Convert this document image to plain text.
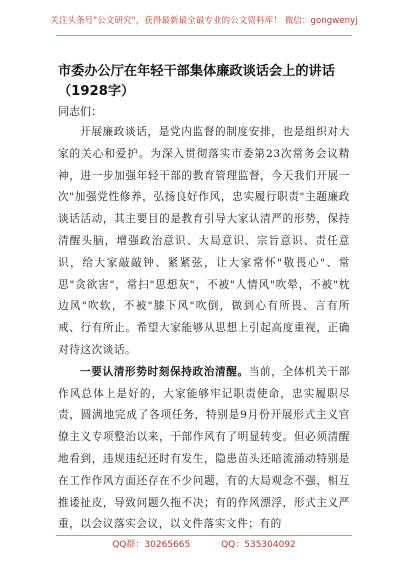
关注头条号"公文研究"，获得最新最全最专业的公文资料库！ 微信：gongwenyj
市委办公厅在年轻干部集体廉政谈话会上的讲话（1928字）
同志们：

开展廉政谈话，是党内监督的制度安排，也是组织对大家的关心和爱护。为深入贯彻落实市委第23次常务会议精神，进一步加强年轻干部的教育管理监督，今天我们开展一次"加强党性修养，弘扬良好作风，忠实履行职责"主题廉政谈话活动，其主要目的是教育引导大家认清严的形势，保持清醒头脑，增强政治意识、大局意识、宗旨意识、责任意识，给大家敲敲钟、紧紧弦，让大家常怀"敬畏心"、常思"贪欲害"，常扫"思想灰"，不被"人情风"吹晕，不被"枕边风"吹软，不被"膝下风"吹倒，做到心有所畏、言有所戒、行有所止。希望大家能够从思想上引起高度重视，正确对待这次谈话。

一要认清形势时刻保持政治清醒。当前，全体机关干部作风总体上是好的，大家能够牢记职责使命，忠实履职尽责，圆满地完成了各项任务，特别是9月份开展形式主义官僚主义专项整治以来，干部作风有了明显转变。但必须清醒地看到，违规违纪还时有发生，隐患苗头还暗流涌动特别是在工作作风方面还存在不少问题，有的大局观念不强，相互推诿扯皮，导致问题久拖不决；有的作风漂浮，形式主义严重，以会议落实会议，以文件落实文件；有的

QQ群：30265665	QQ：535304092
